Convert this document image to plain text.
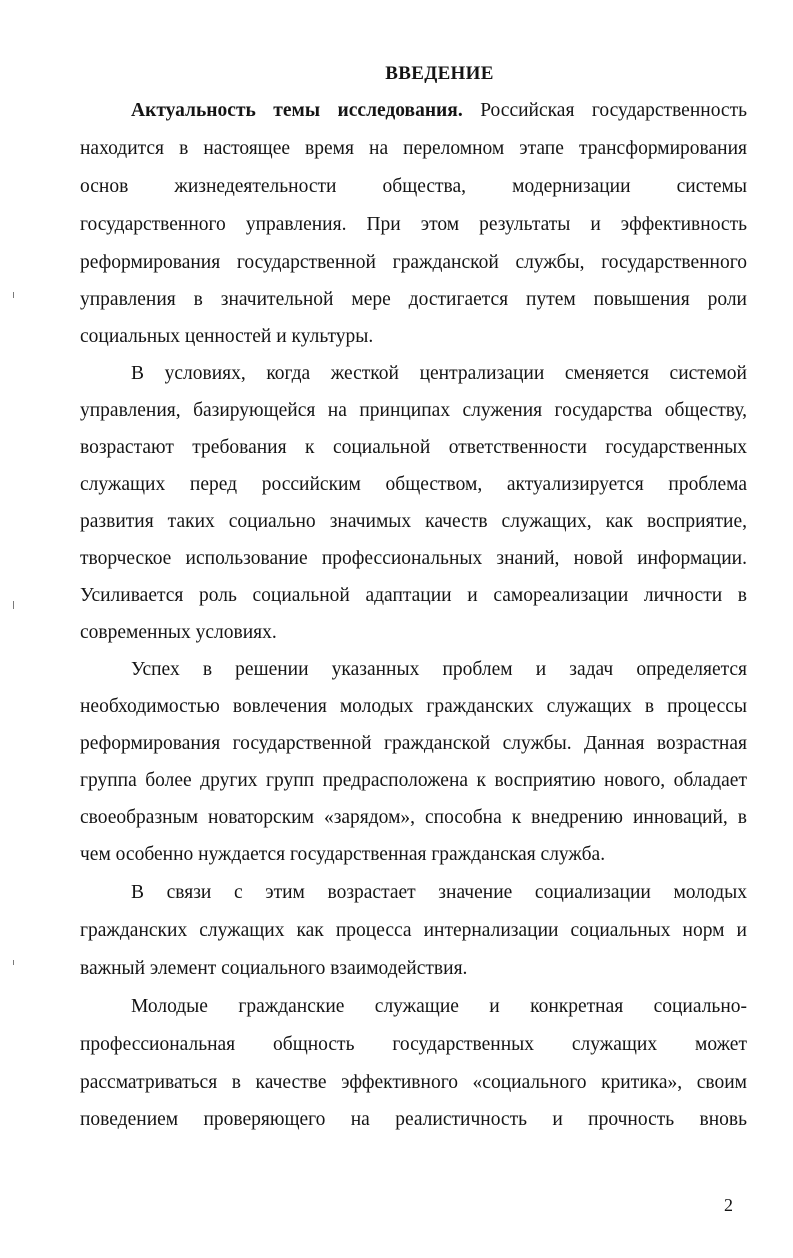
ВВЕДЕНИЕ
Актуальность темы исследования. Российская государственность
находится в настоящее время на переломном этапе трансформирования
основ жизнедеятельности общества, модернизации системы
государственного управления. При этом результаты и эффективность
реформирования государственной гражданской службы, государственного
управления в значительной мере достигается путем повышения роли
социальных ценностей и культуры.
В условиях, когда жесткой централизации сменяется системой
управления, базирующейся на принципах служения государства обществу,
возрастают требования к социальной ответственности государственных
служащих перед российским обществом, актуализируется проблема
развития таких социально значимых качеств служащих, как восприятие,
творческое использование профессиональных знаний, новой информации.
Усиливается роль социальной адаптации и самореализации личности в
современных условиях.
Успех в решении указанных проблем и задач определяется
необходимостью вовлечения молодых гражданских служащих в процессы
реформирования государственной гражданской службы. Данная возрастная
группа более других групп предрасположена к восприятию нового, обладает
своеобразным новаторским «зарядом», способна к внедрению инноваций, в
чем особенно нуждается государственная гражданская служба.
В связи с этим возрастает значение социализации молодых
гражданских служащих как процесса интернализации социальных норм и
важный элемент социального взаимодействия.
Молодые гражданские служащие и конкретная социально-
профессиональная общность государственных служащих может
рассматриваться в качестве эффективного «социального критика», своим
поведением проверяющего на реалистичность и прочность вновь
2
